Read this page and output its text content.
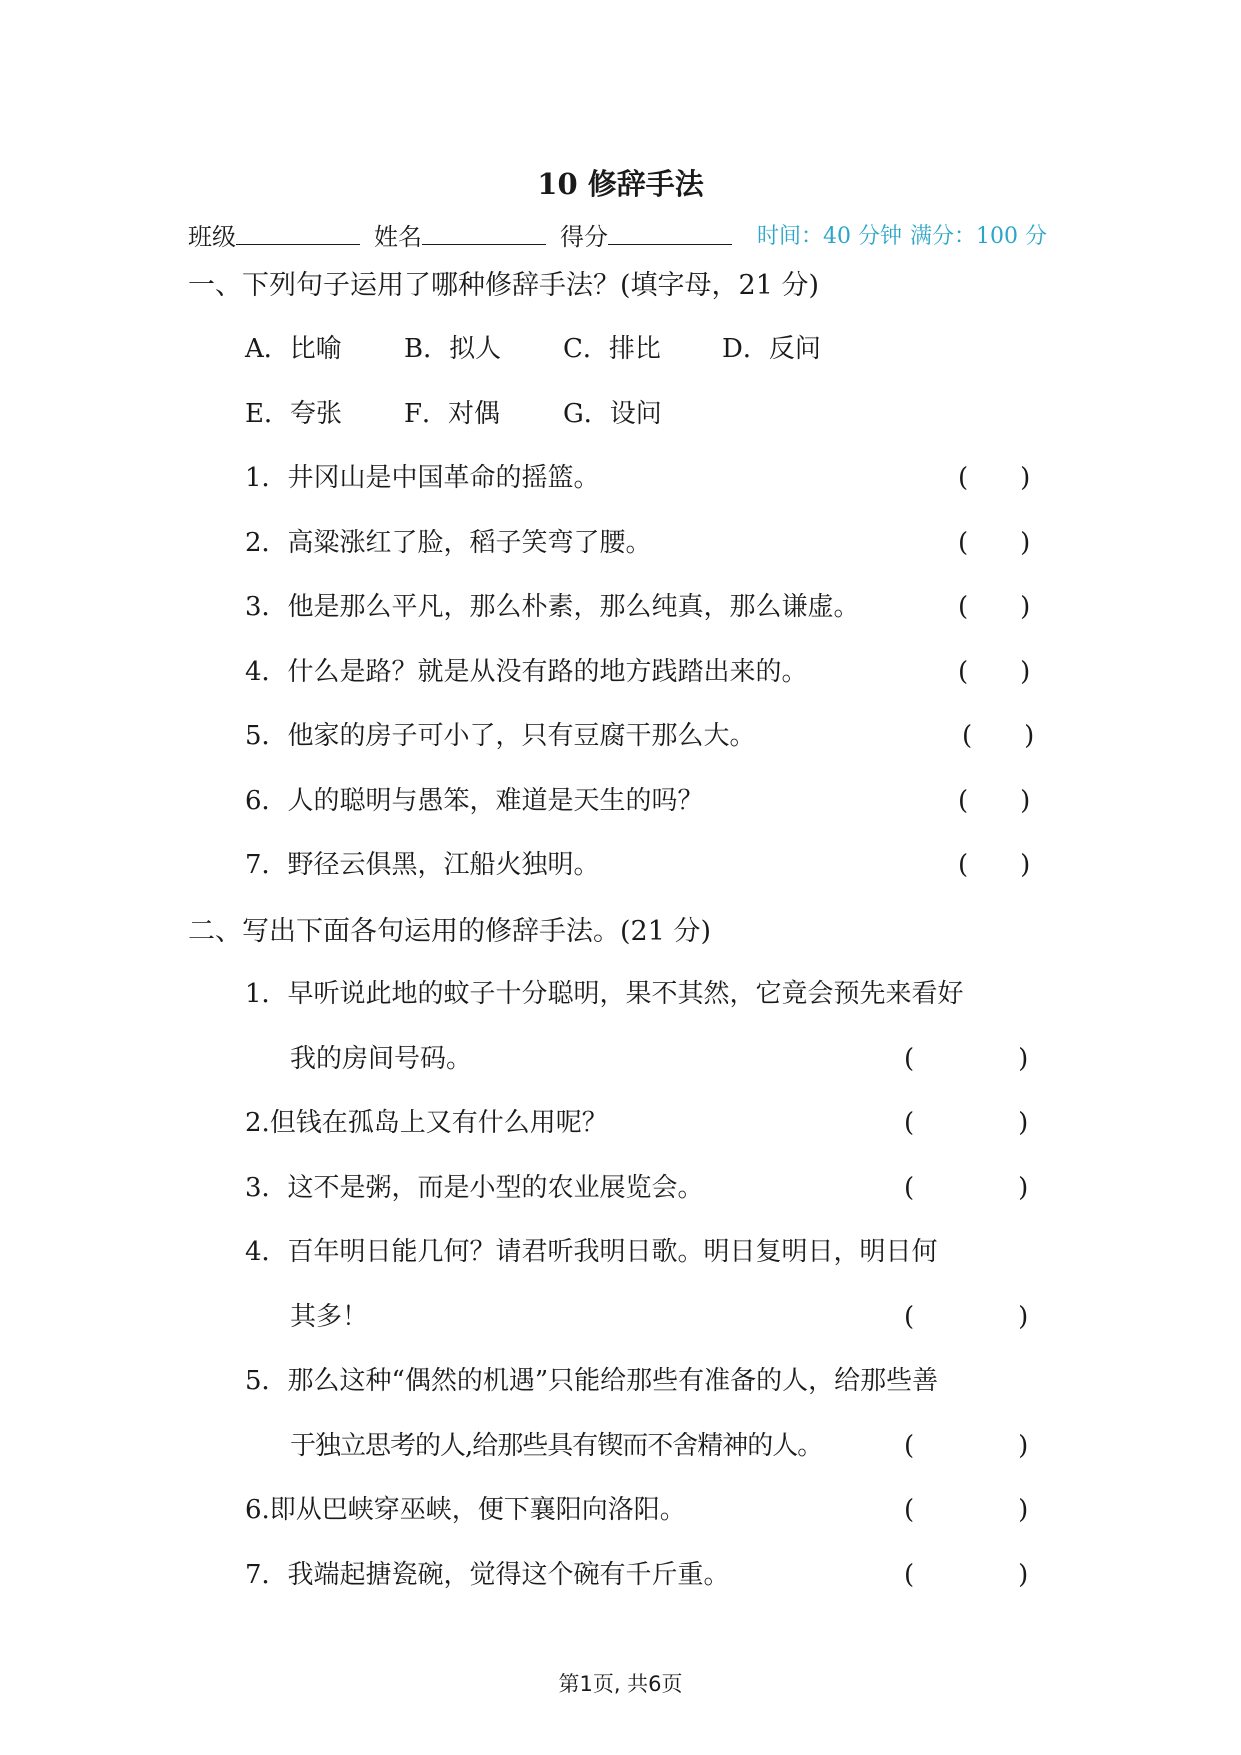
10 修辞手法
班级	姓名	得分	时间：40 分钟 满分：100 分
一、下列句子运用了哪种修辞手法？(填字母，21 分)
A．比喻 B．拟人 C．排比 D．反问
E．夸张 F．对偶 G．设问
1．井冈山是中国革命的摇篮。	(　　)
2．高粱涨红了脸，稻子笑弯了腰。	(　　)
3．他是那么平凡，那么朴素，那么纯真，那么谦虚。	(　　)
4．什么是路？就是从没有路的地方践踏出来的。	(　　)
5．他家的房子可小了，只有豆腐干那么大。	(　　)
6．人的聪明与愚笨，难道是天生的吗？	(　　)
7．野径云俱黑，江船火独明。	(　　)
二、写出下面各句运用的修辞手法。(21 分)
1．早听说此地的蚊子十分聪明，果不其然，它竟会预先来看好
我的房间号码。	(　　　　)
2.但钱在孤岛上又有什么用呢？	(　　　　)
3．这不是粥，而是小型的农业展览会。	(　　　　)
4．百年明日能几何？请君听我明日歌。明日复明日，明日何
其多！	(　　　　)
5．那么这种“偶然的机遇”只能给那些有准备的人，给那些善
于独立思考的人,给那些具有锲而不舍精神的人。	(　　　　)
6.即从巴峡穿巫峡，便下襄阳向洛阳。	(　　　　)
7．我端起搪瓷碗，觉得这个碗有千斤重。	(　　　　)
第1页, 共6页
